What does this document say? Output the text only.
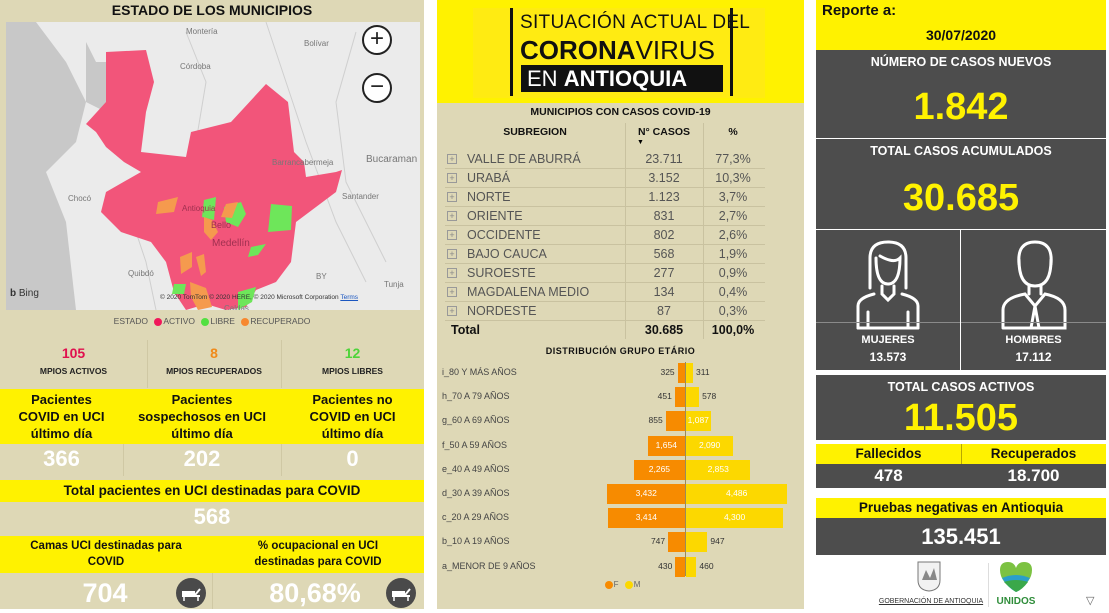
ESTADO DE LOS MUNICIPIOS
Montería
Bolívar
Córdoba
Barrancabermeja	Bucaraman
Chocó	Santander
Antioquia
Bello
Medellín
Quibdó	BY
Tunja
Caldas
+
−
b Bing	© 2020 TomTom © 2020 HERE, © 2020 Microsoft Corporation Terms
ESTADO ACTIVO LIBRE RECUPERADO
105
MPIOS ACTIVOS
8
MPIOS RECUPERADOS
12
MPIOS LIBRES
Pacientes
COVID en UCI
último día
Pacientes
sospechosos en UCI
último día
Pacientes no
COVID en UCI
último día
366	202	0
Total pacientes en UCI destinadas para COVID
568
Camas UCI destinadas para
COVID
% ocupacional en UCI
destinadas para COVID
704	80,68%
SITUACIÓN ACTUAL DEL
CORONAVIRUS
EN ANTIOQUIA
MUNICIPIOS CON CASOS COVID-19
SUBREGION	N° CASOS
▼
%
+ VALLE DE ABURRÁ	23.711	77,3%
+ URABÁ	3.152	10,3%
+ NORTE	1.123	3,7%
+ ORIENTE	831	2,7%
+ OCCIDENTE	802	2,6%
+ BAJO CAUCA	568	1,9%
+ SUROESTE	277	0,9%
+ MAGDALENA MEDIO	134	0,4%
+ NORDESTE	87	0,3%
Total	30.685	100,0%
DISTRIBUCIÓN GRUPO ETÁRIO
i_80 Y MÁS AÑOS	325	311
h_70 A 79 AÑOS	451	578
g_60 A 69 AÑOS	855	1,087
f_50 A 59 AÑOS	1,654	2,090
e_40 A 49 AÑOS	2,265	2,853
d_30 A 39 AÑOS	3,432	4,486
c_20 A 29 AÑOS	3,414	4,300
b_10 A 19 AÑOS	747	947
a_MENOR DE 9 AÑOS	430	460
F M
Reporte a:
30/07/2020
NÚMERO DE CASOS NUEVOS
1.842
TOTAL CASOS ACUMULADOS
30.685
MUJERES
13.573
HOMBRES
17.112
TOTAL CASOS ACTIVOS
11.505
Fallecidos	Recuperados
478	18.700
Pruebas negativas en Antioquia
135.451
GOBERNACIÓN DE ANTIOQUIA	UNIDOS	▽
